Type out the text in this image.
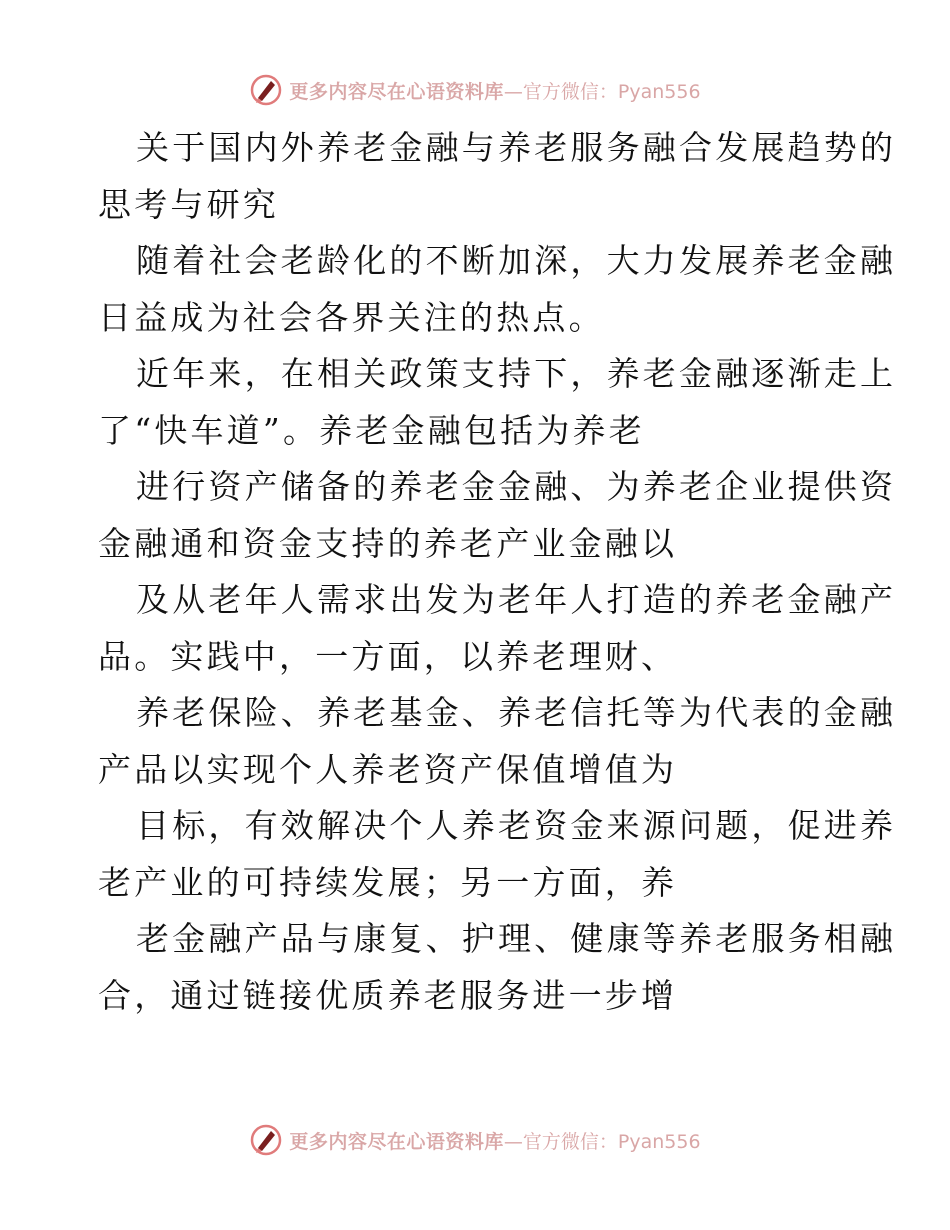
更多内容尽在心语资料库 —官方微信：Pyan556
关于国内外养老金融与养老服务融合发展趋势的
思考与研究
随着社会老龄化的不断加深，大力发展养老金融
日益成为社会各界关注的热点。
近年来，在相关政策支持下，养老金融逐渐走上
了“快车道”。养老金融包括为养老
进行资产储备的养老金金融、为养老企业提供资
金融通和资金支持的养老产业金融以
及从老年人需求出发为老年人打造的养老金融产
品。实践中，一方面，以养老理财、
养老保险、养老基金、养老信托等为代表的金融
产品以实现个人养老资产保值增值为
目标，有效解决个人养老资金来源问题，促进养
老产业的可持续发展；另一方面，养
老金融产品与康复、护理、健康等养老服务相融
合，通过链接优质养老服务进一步增
更多内容尽在心语资料库 —官方微信：Pyan556
